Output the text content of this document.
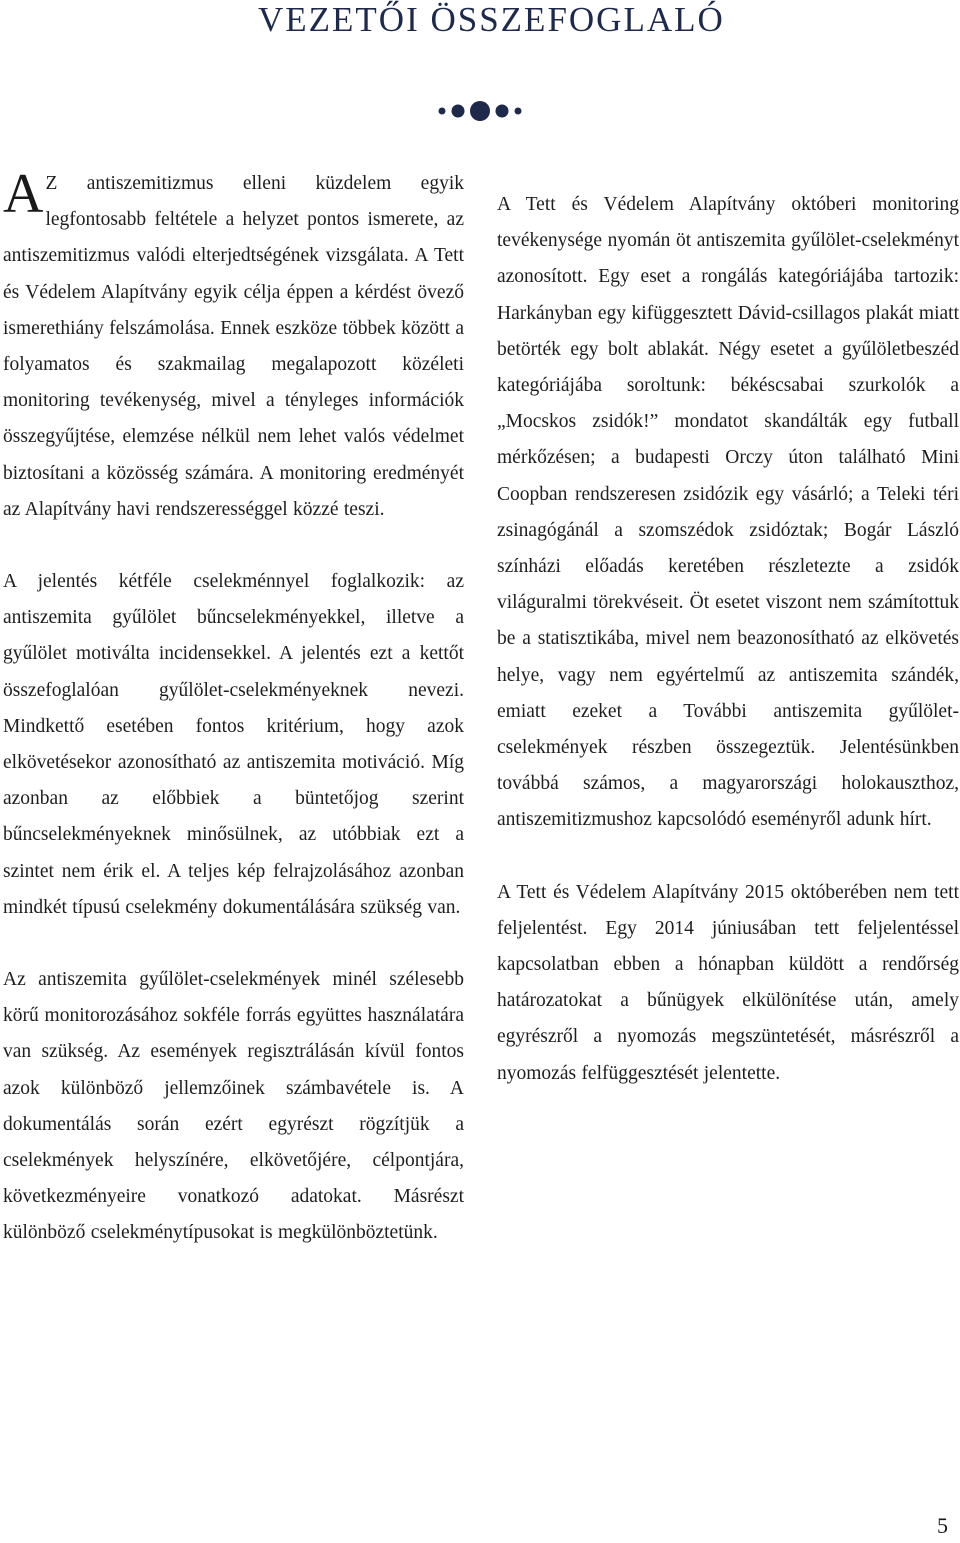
VEZETŐI ÖSSZEFOGLALÓ

A Z antiszemitizmus elleni küzdelem egyik legfontosabb feltétele a helyzet pontos ismerete, az antiszemitizmus valódi elterjedtségének vizsgálata. A Tett és Védelem Alapítvány egyik célja éppen a kérdést övező ismerethiány felszámolása. Ennek eszköze többek között a folyamatos és szakmailag megalapozott közéleti monitoring tevékenység, mivel a tényleges információk összegyűjtése, elemzése nélkül nem lehet valós védelmet biztosítani a közösség számára. A monitoring eredményét az Alapítvány havi rendszerességgel közzé teszi.

A jelentés kétféle cselekménnyel foglalkozik: az antiszemita gyűlölet bűncselekményekkel, illetve a gyűlölet motiválta incidensekkel. A jelentés ezt a kettőt összefoglalóan gyűlölet-cselekményeknek nevezi. Mindkettő esetében fontos kritérium, hogy azok elkövetésekor azonosítható az antiszemita motiváció. Míg azonban az előbbiek a büntetőjog szerint bűncselekményeknek minősülnek, az utóbbiak ezt a szintet nem érik el. A teljes kép felrajzolásához azonban mindkét típusú cselekmény dokumentálására szükség van.

Az antiszemita gyűlölet-cselekmények minél szélesebb körű monitorozásához sokféle forrás együttes használatára van szükség. Az események regisztrálásán kívül fontos azok különböző jellemzőinek számbavétele is. A dokumentálás során ezért egyrészt rögzítjük a cselekmények helyszínére, elkövetőjére, célpontjára, következményeire vonatkozó adatokat. Másrészt különböző cselekménytípusokat is megkülönböztetünk.

A Tett és Védelem Alapítvány októberi monitoring tevékenysége nyomán öt antiszemita gyűlölet-cselekményt azonosított. Egy eset a rongálás kategóriájába tartozik: Harkányban egy kifüggesztett Dávid-csillagos plakát miatt betörték egy bolt ablakát. Négy esetet a gyűlöletbeszéd kategóriájába soroltunk: békéscsabai szurkolók a „Mocskos zsidók!” mondatot skandálták egy futball mérkőzésen; a budapesti Orczy úton található Mini Coopban rendszeresen zsidózik egy vásárló; a Teleki téri zsinagógánál a szomszédok zsidóztak; Bogár László színházi előadás keretében részletezte a zsidók világuralmi törekvéseit. Öt esetet viszont nem számítottuk be a statisztikába, mivel nem beazonosítható az elkövetés helye, vagy nem egyértelmű az antiszemita szándék, emiatt ezeket a További antiszemita gyűlölet-cselekmények részben összegeztük. Jelentésünkben továbbá számos, a magyarországi holokauszthoz, antiszemitizmushoz kapcsolódó eseményről adunk hírt.

A Tett és Védelem Alapítvány 2015 októberében nem tett feljelentést. Egy 2014 júniusában tett feljelentéssel kapcsolatban ebben a hónapban küldött a rendőrség határozatokat a bűnügyek elkülönítése után, amely egyrészről a nyomozás megszüntetését, másrészről a nyomozás felfüggesztését jelentette.

5
